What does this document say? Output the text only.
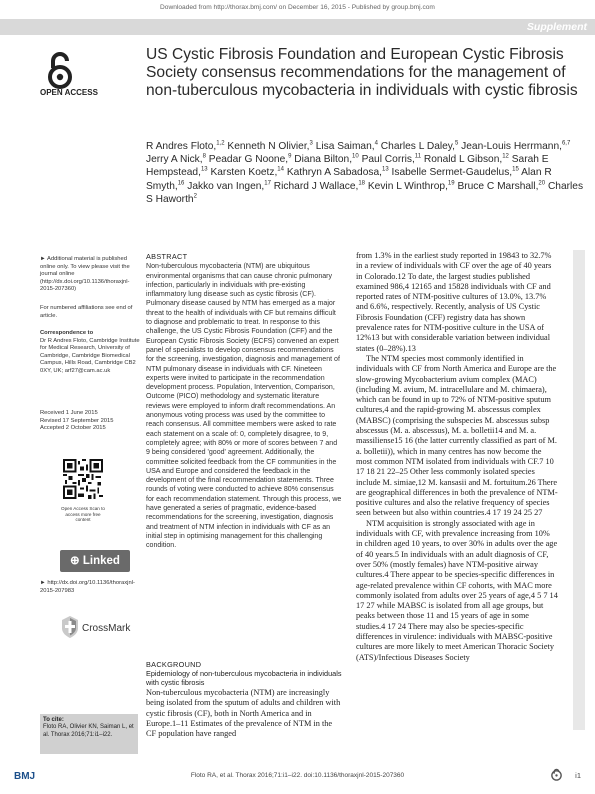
Downloaded from http://thorax.bmj.com/ on December 16, 2015 - Published by group.bmj.com
Supplement
OPEN ACCESS
US Cystic Fibrosis Foundation and European Cystic Fibrosis Society consensus recommendations for the management of non-tuberculous mycobacteria in individuals with cystic fibrosis
R Andres Floto,$^{1,2}$ Kenneth N Olivier,$^3$ Lisa Saiman,$^4$ Charles L Daley,$^5$ Jean-Louis Herrmann,$^{6,7}$ Jerry A Nick,$^8$ Peadar G Noone,$^9$ Diana Bilton,$^{10}$ Paul Corris,$^{11}$ Ronald L Gibson,$^{12}$ Sarah E Hempstead,$^{13}$ Karsten Koetz,$^{14}$ Kathryn A Sabadosa,$^{13}$ Isabelle Sermet-Gaudelus,$^{15}$ Alan R Smyth,$^{16}$ Jakko van Ingen,$^{17}$ Richard J Wallace,$^{18}$ Kevin L Winthrop,$^{19}$ Bruce C Marshall,$^{20}$ Charles S Haworth$^2$
► Additional material is published online only. To view please visit the journal online (http://dx.doi.org/10.1136/thoraxjnl-2015-207360)
For numbered affiliations see end of article.
Correspondence to
Dr R Andres Floto, Cambridge Institute for Medical Research, University of Cambridge, Cambridge Biomedical Campus, Hills Road, Cambridge CB2 0XY, UK; arf27@cam.ac.uk
Received 1 June 2015
Revised 17 September 2015
Accepted 2 October 2015
Open Access Scan to access more free content
⊕ Linked
► http://dx.doi.org/10.1136/thoraxjnl-2015-207983
CrossMark
To cite:
Floto RA, Olivier KN, Saiman L, et al. Thorax 2016;71:i1–i22.
ABSTRACT
Non-tuberculous mycobacteria (NTM) are ubiquitous environmental organisms that can cause chronic pulmonary infection, particularly in individuals with pre-existing inflammatory lung disease such as cystic fibrosis (CF). Pulmonary disease caused by NTM has emerged as a major threat to the health of individuals with CF but remains difficult to diagnose and problematic to treat. In response to this challenge, the US Cystic Fibrosis Foundation (CFF) and the European Cystic Fibrosis Society (ECFS) convened an expert panel of specialists to develop consensus recommendations for the screening, investigation, diagnosis and management of NTM pulmonary disease in individuals with CF. Nineteen experts were invited to participate in the recommendation development process. Population, Intervention, Comparison, Outcome (PICO) methodology and systematic literature reviews were employed to inform draft recommendations. An anonymous voting process was used by the committee to reach consensus. All committee members were asked to rate each statement on a scale of: 0, completely disagree, to 9, completely agree; with 80% or more of scores between 7 and 9 being considered 'good' agreement. Additionally, the committee solicited feedback from the CF communities in the USA and Europe and considered the feedback in the development of the final recommendation statements. Three rounds of voting were conducted to achieve 80% consensus for each recommendation statement. Through this process, we have generated a series of pragmatic, evidence-based recommendations for the screening, investigation, diagnosis and treatment of NTM infection in individuals with CF as an initial step in optimising management for this challenging condition.
BACKGROUND
Epidemiology of non-tuberculous mycobacteria in individuals with cystic fibrosis

Non-tuberculous mycobacteria (NTM) are increasingly being isolated from the sputum of adults and children with cystic fibrosis (CF), both in North America and in Europe.1–11 Estimates of the prevalence of NTM in the CF population have ranged

from 1.3% in the earliest study reported in 19843 to 32.7% in a review of individuals with CF over the age of 40 years in Colorado.12 To date, the largest studies published examined 986,4 12165 and 15828 individuals with CF and reported rates of NTM-positive cultures of 13.0%, 13.7% and 6.6%, respectively. Recently, analysis of US Cystic Fibrosis Foundation (CFF) registry data has shown prevalence rates for NTM-positive culture in the USA of 12%13 but with considerable variation between individual states (0–28%).13

The NTM species most commonly identified in individuals with CF from North America and Europe are the slow-growing Mycobacterium avium complex (MAC) (including M. avium, M. intracellulare and M. chimaera), which can be found in up to 72% of NTM-positive sputum cultures,4 and the rapid-growing M. abscessus complex (MABSC) (comprising the subspecies M. abscessus subsp abscessus (M. a. abscessus), M. a. bolletii14 and M. a. massiliense15 16 (the latter currently classified as part of M. a. bolletii)), which in many centres has now become the most common NTM isolated from individuals with CF.7 10 17 18 21 22–25 Other less commonly isolated species include M. simiae,12 M. kansasii and M. fortuitum.26 There are geographical differences in both the prevalence of NTM-positive cultures and also the relative frequency of species seen between but also within countries.4 17 19 24 25 27

NTM acquisition is strongly associated with age in individuals with CF, with prevalence increasing from 10% in children aged 10 years, to over 30% in adults over the age of 40 years.5 In individuals with an adult diagnosis of CF, over 50% (mostly females) have NTM-positive airway cultures.4 There appear to be species-specific differences in age-related prevalence within CF cohorts, with MAC more commonly isolated from adults over 25 years of age,4 5 7 14 17 27 while MABSC is isolated from all age groups, but peaks between those 11 and 15 years of age in some studies.4 17 24 There may also be species-specific differences in virulence: individuals with MABSC-positive cultures are more likely to meet American Thoracic Society (ATS)/Infectious Diseases Society

BMJ	Floto RA, et al. Thorax 2016;71:i1–i22. doi:10.1136/thoraxjnl-2015-207360	i1
